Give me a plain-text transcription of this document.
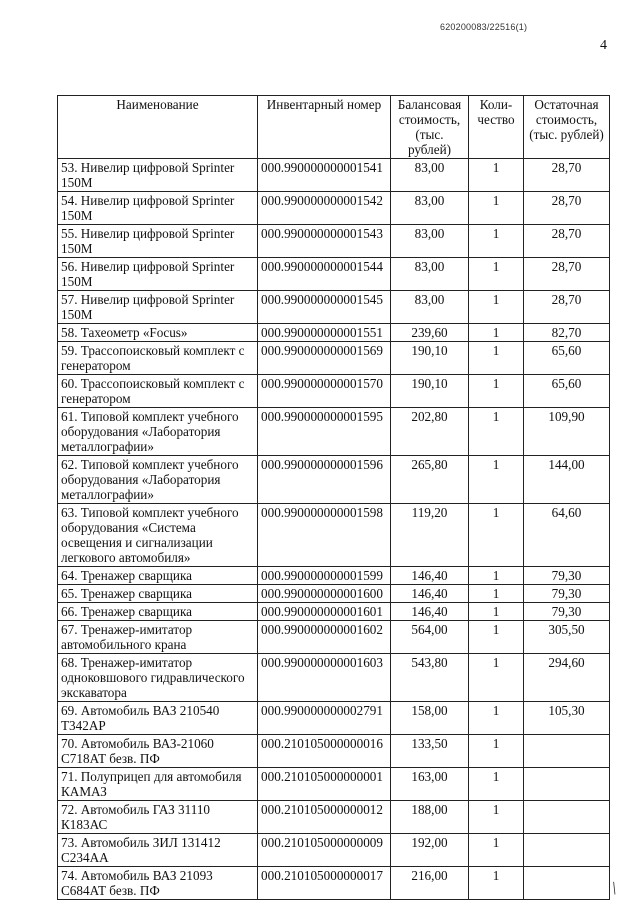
620200083/22516(1)
4
Наименование	Инвентарный номер	Балансовая стоимость, (тыс. рублей)	Коли-чество	Остаточная стоимость, (тыс. рублей)
53. Нивелир цифровой Sprinter 150M	000.990000000001541	83,00	1	28,70
54. Нивелир цифровой Sprinter 150M	000.990000000001542	83,00	1	28,70
55. Нивелир цифровой Sprinter 150M	000.990000000001543	83,00	1	28,70
56. Нивелир цифровой Sprinter 150M	000.990000000001544	83,00	1	28,70
57. Нивелир цифровой Sprinter 150M	000.990000000001545	83,00	1	28,70
58. Тахеометр «Focus»	000.990000000001551	239,60	1	82,70
59. Трассопоисковый комплект с генератором	000.990000000001569	190,10	1	65,60
60. Трассопоисковый комплект с генератором	000.990000000001570	190,10	1	65,60
61. Типовой комплект учебного оборудования «Лаборатория металлографии»	000.990000000001595	202,80	1	109,90
62. Типовой комплект учебного оборудования «Лаборатория металлографии»	000.990000000001596	265,80	1	144,00
63. Типовой комплект учебного оборудования «Система освещения и сигнализации легкового автомобиля»	000.990000000001598	119,20	1	64,60
64. Тренажер сварщика	000.990000000001599	146,40	1	79,30
65. Тренажер сварщика	000.990000000001600	146,40	1	79,30
66. Тренажер сварщика	000.990000000001601	146,40	1	79,30
67. Тренажер-имитатор автомобильного крана	000.990000000001602	564,00	1	305,50
68. Тренажер-имитатор одноковшового гидравлического экскаватора	000.990000000001603	543,80	1	294,60
69. Автомобиль ВАЗ 210540 Т342АР	000.990000000002791	158,00	1	105,30
70. Автомобиль ВАЗ-21060 С718АТ безв. ПФ	000.210105000000016	133,50	1	
71. Полуприцеп для автомобиля КАМАЗ	000.210105000000001	163,00	1	
72. Автомобиль ГАЗ 31110 К183АС	000.210105000000012	188,00	1	
73. Автомобиль ЗИЛ 131412 С234АА	000.210105000000009	192,00	1	
74. Автомобиль ВАЗ 21093 С684АТ безв. ПФ	000.210105000000017	216,00	1	
/
